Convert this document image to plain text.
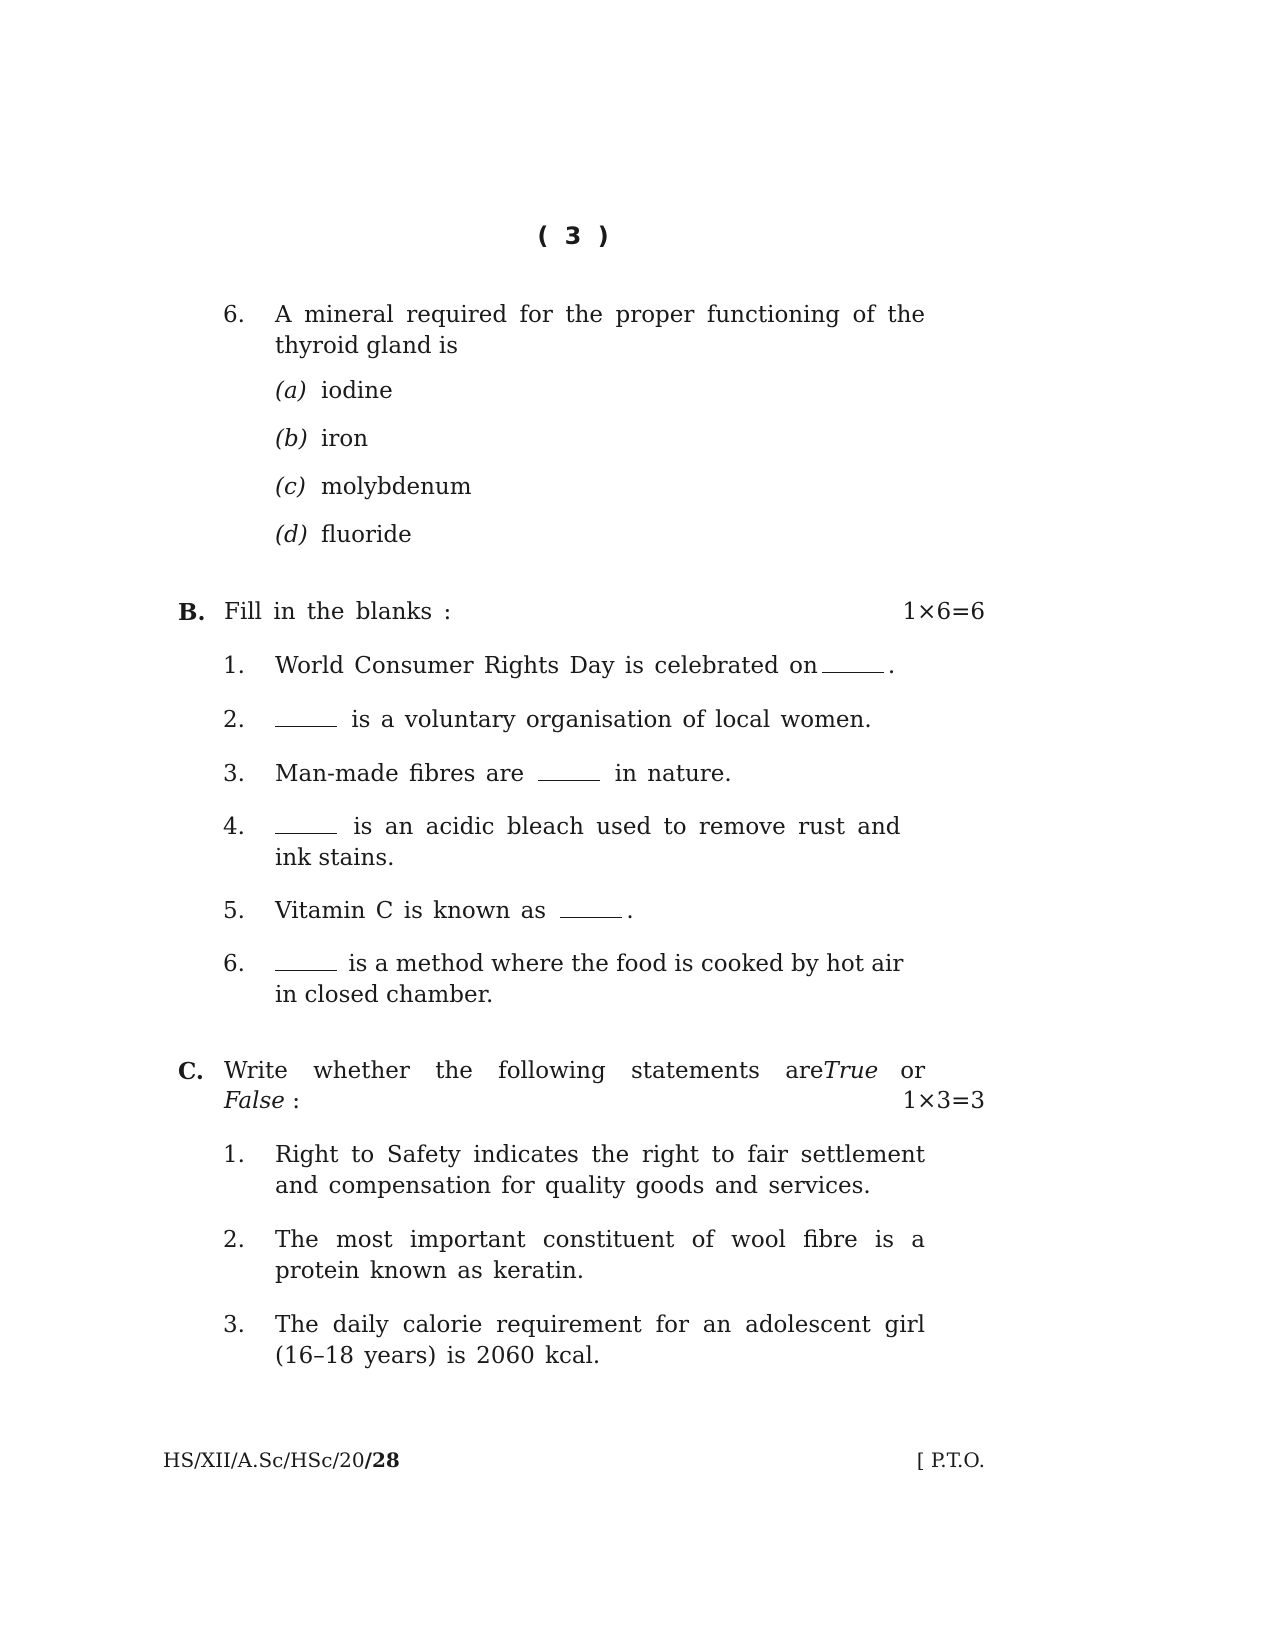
( 3 )
6. A mineral required for the proper functioning of the
thyroid gland is
(a) iodine
(b) iron
(c) molybdenum
(d) fluoride
B. Fill in the blanks :	1×6=6
1. World Consumer Rights Day is celebrated on	.
2.	is a voluntary organisation of local women.
3. Man-made fibres are	in nature.
4.	is an acidic bleach used to remove rust and
ink stains.
5. Vitamin C is known as	.
6.	is a method where the food is cooked by hot air
in closed chamber.
C. Write whether the following statements are True or
False :	1×3=3
1. Right to Safety indicates the right to fair settlement
and compensation for quality goods and services.
2. The most important constituent of wool fibre is a
protein known as keratin.
3. The daily calorie requirement for an adolescent girl
(16–18 years) is 2060 kcal.
HS/XII/A.Sc/HSc/20/28	[ P.T.O.
